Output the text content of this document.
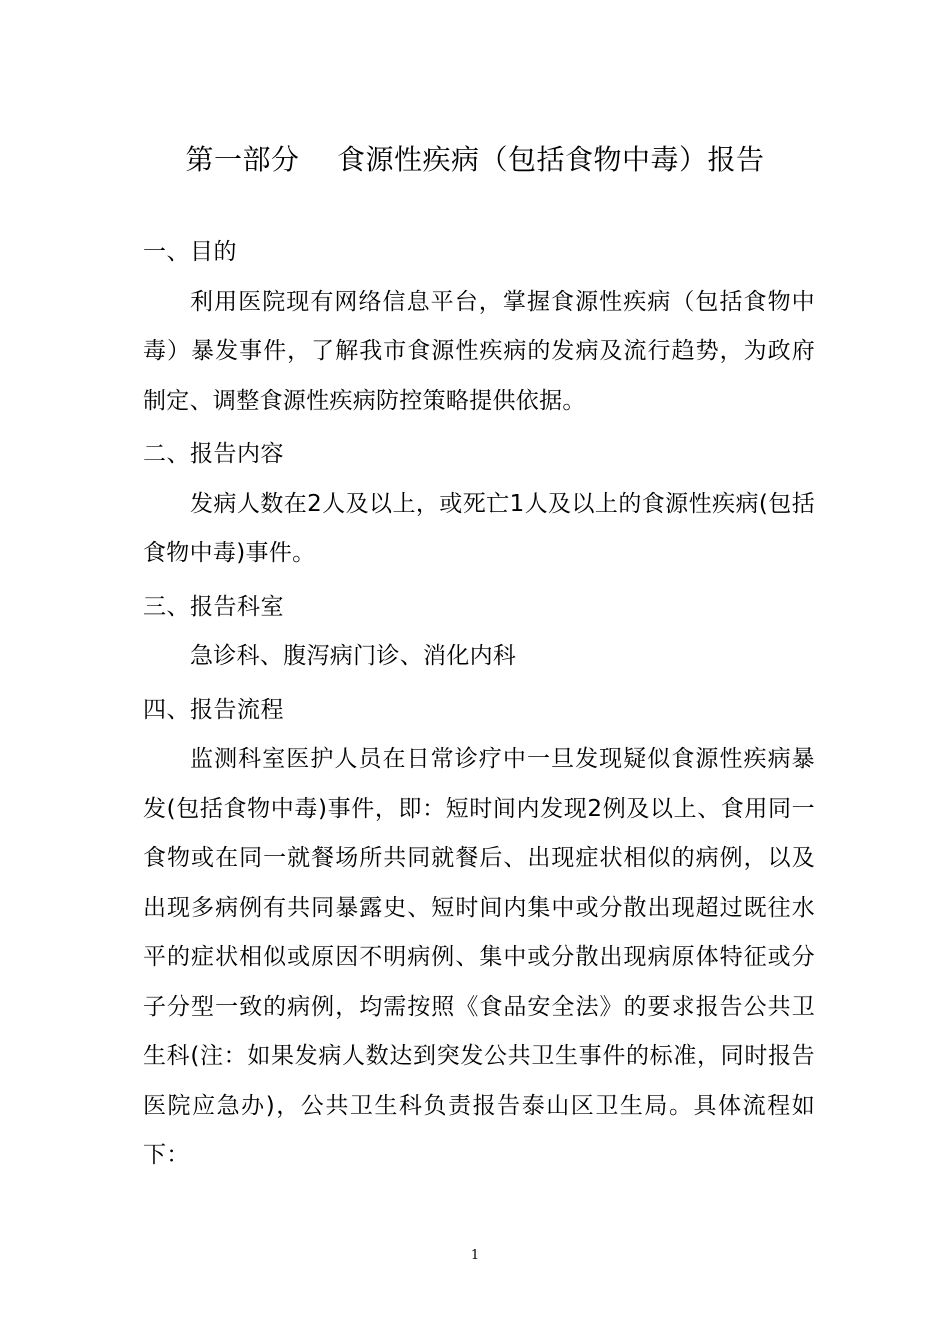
第一部分    食源性疾病（包括食物中毒）报告

一、目的

利用医院现有网络信息平台，掌握食源性疾病（包括食物中毒）暴发事件，了解我市食源性疾病的发病及流行趋势，为政府制定、调整食源性疾病防控策略提供依据。

二、报告内容

发病人数在2人及以上，或死亡1人及以上的食源性疾病(包括食物中毒)事件。

三、报告科室

急诊科、腹泻病门诊、消化内科

四、报告流程

监测科室医护人员在日常诊疗中一旦发现疑似食源性疾病暴发(包括食物中毒)事件，即：短时间内发现2例及以上、食用同一食物或在同一就餐场所共同就餐后、出现症状相似的病例，以及出现多病例有共同暴露史、短时间内集中或分散出现超过既往水平的症状相似或原因不明病例、集中或分散出现病原体特征或分子分型一致的病例，均需按照《食品安全法》的要求报告公共卫生科(注：如果发病人数达到突发公共卫生事件的标准，同时报告医院应急办)，公共卫生科负责报告泰山区卫生局。具体流程如下：

1
